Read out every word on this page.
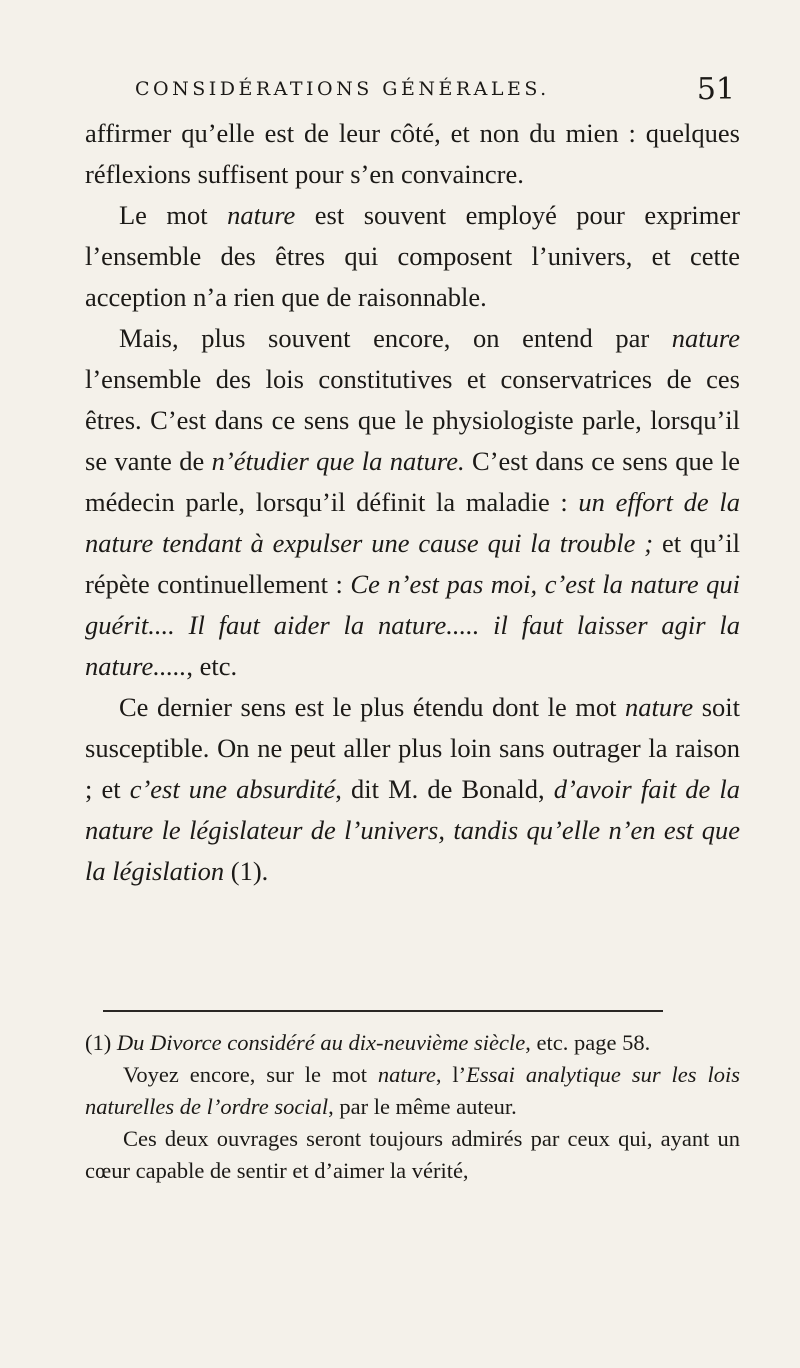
CONSIDÉRATIONS GÉNÉRALES.	51

affirmer qu’elle est de leur côté, et non du mien : quelques réflexions suffisent pour s’en convaincre.

Le mot nature est souvent employé pour exprimer l’ensemble des êtres qui composent l’univers, et cette acception n’a rien que de raisonnable.

Mais, plus souvent encore, on entend par nature l’ensemble des lois constitutives et conservatrices de ces êtres. C’est dans ce sens que le physiologiste parle, lorsqu’il se vante de n’étudier que la nature. C’est dans ce sens que le médecin parle, lorsqu’il définit la maladie : un effort de la nature tendant à expulser une cause qui la trouble ; et qu’il répète continuellement : Ce n’est pas moi, c’est la nature qui guérit.... Il faut aider la nature..... il faut laisser agir la nature....., etc.

Ce dernier sens est le plus étendu dont le mot nature soit susceptible. On ne peut aller plus loin sans outrager la raison ; et c’est une absurdité, dit M. de Bonald, d’avoir fait de la nature le législateur de l’univers, tandis qu’elle n’en est que la législation (1).

(1) Du Divorce considéré au dix-neuvième siècle, etc. page 58.

Voyez encore, sur le mot nature, l’Essai analytique sur les lois naturelles de l’ordre social, par le même auteur.

Ces deux ouvrages seront toujours admirés par ceux qui, ayant un cœur capable de sentir et d’aimer la vérité,
